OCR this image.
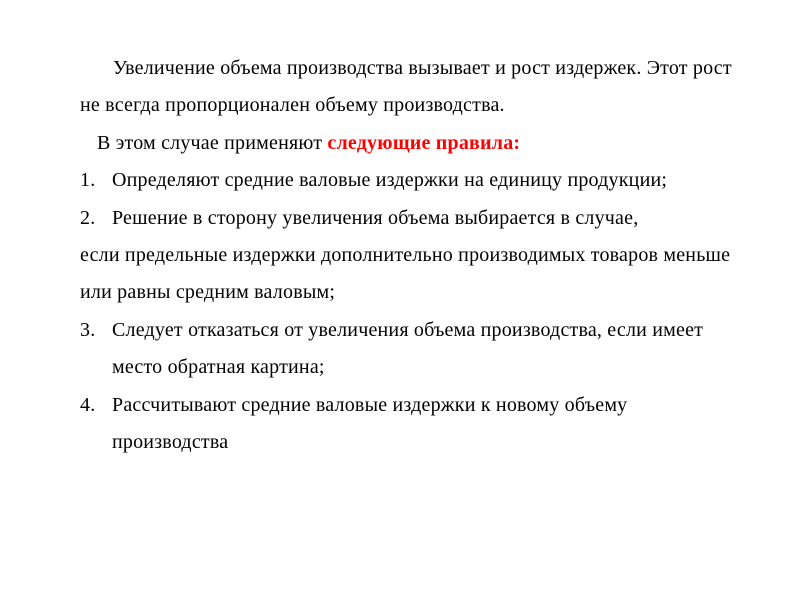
Увеличение объема производства вызывает и рост издержек. Этот рост
не всегда пропорционален объему производства.
В этом случае применяют следующие правила:
1. Определяют средние валовые издержки на единицу продукции;
2. Решение в сторону увеличения объема выбирается в случае,
если предельные издержки дополнительно производимых товаров меньше
или равны средним валовым;
3. Следует отказаться от увеличения объема производства, если имеет
место обратная картина;
4. Рассчитывают средние валовые издержки к новому объему
производства
